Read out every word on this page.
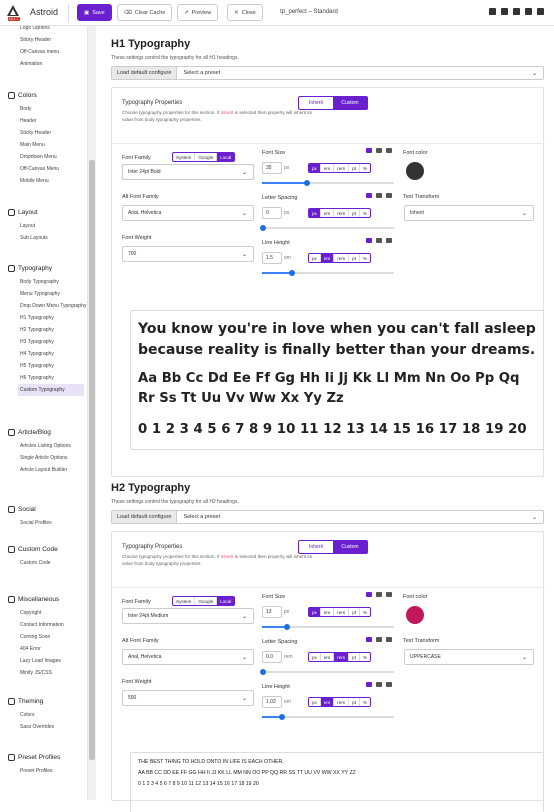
v3.1.7
Astroid	▣ Save	⌫ Clear Cache	↗ Preview	✕ Close	tp_perfect – Standard
Logo Options
Sticky Header
Off-Canvas menu
Animation
Colors
Body
Header
Sticky Header
Main Menu
Dropdown Menu
Off-Canvas Menu
Mobile Menu
Layout
Layout
Sub Layouts
Typography
Body Typography
Menu Typography
Drop Down Menu Typography
H1 Typography
H2 Typography
H3 Typography
H4 Typography
H5 Typography
H6 Typography
Custom Typography
Article/Blog
Articles Listing Options
Single Article Options
Article Layout Builder
Social
Social Profiles
Custom Code
Custom Code
Miscellaneous
Copyright
Contact Information
Coming Soon
404 Error
Lazy Load Images
Minify JS/CSS
Theming
Colors
Sass Overrides
Preset Profiles
Preset Profiles
H1 Typography
These settings control the typography for all H1 headings.
Load default configure	Select a preset	⌄
Typography Properties
Choose typography properties for this section. If inherit is selected then property will inherit its value from body typography properties.
Inherit	Custom
Font Family	System	Google	Local
Inter 24pt Bold	⌄
Alt Font Family
Arial, Helvetica	⌄
Font Weight
700	⌄
Font Size
35	px	px	em	rem	pt	%
Letter Spacing
0	px	px	em	rem	pt	%
Line Height
1.5	em	px	em	rem	pt	%
Font color
Text Transform
Inherit	⌄
You know you're in love when you can't fall asleep because reality is finally better than your dreams.
Aa Bb Cc Dd Ee Ff Gg Hh Ii Jj Kk Ll Mm Nn Oo Pp Qq Rr Ss Tt Uu Vv Ww Xx Yy Zz
0 1 2 3 4 5 6 7 8 9 10 11 12 13 14 15 16 17 18 19 20
H2 Typography
These settings control the typography for all H2 headings.
Load default configure	Select a preset	⌄
Typography Properties
Choose typography properties for this section. If inherit is selected then property will inherit its value from body typography properties.
Inherit	Custom
Font Family	System	Google	Local
Inter 24pt Medium	⌄
Alt Font Family
Arial, Helvetica	⌄
Font Weight
500	⌄
Font Size
13	px	px	em	rem	pt	%
Letter Spacing
0.0	rem	px	em	rem	pt	%
Line Height
1.02	em	px	em	rem	pt	%
Font color
Text Transform
UPPERCASE	⌄
THE BEST THING TO HOLD ONTO IN LIFE IS EACH OTHER.
AA BB CC DD EE FF GG HH II JJ KK LL MM NN OO PP QQ RR SS TT UU VV WW XX YY ZZ
0 1 2 3 4 5 6 7 8 9 10 11 12 13 14 15 16 17 18 19 20
